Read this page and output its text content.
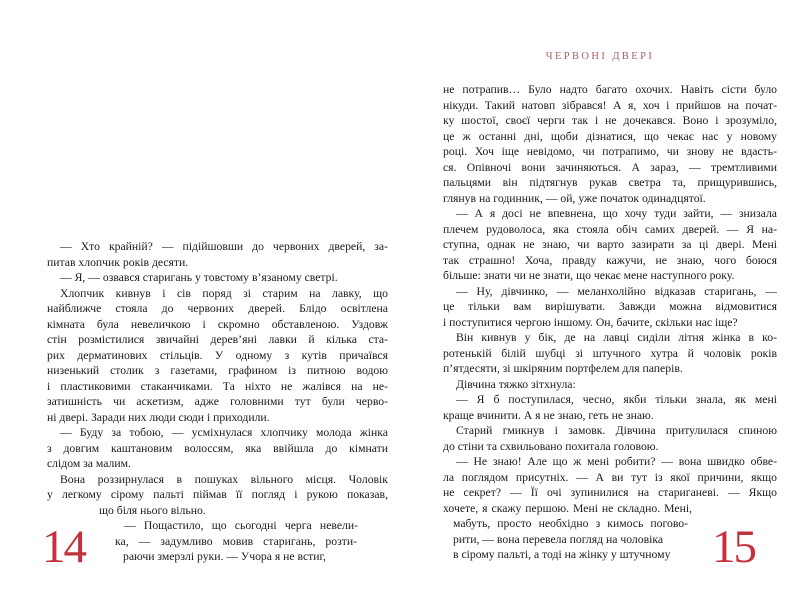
ЧЕРВОНІ ДВЕРІ
— Хто крайній? — підійшовши до червоних дверей, за-
питав хлопчик років десяти.
— Я, — озвався старигань у товстому в’язаному светрі.
Хлопчик кивнув і сів поряд зі старим на лавку, що
найближче стояла до червоних дверей. Блідо освітлена
кімната була невеличкою і скромно обставленою. Уздовж
стін розмістилися звичайні дерев’яні лавки й кілька ста-
рих дерматинових стільців. У одному з кутів причаївся
низенький столик з газетами, графином із питною водою
і пластиковими стаканчиками. Та ніхто не жалівся на не-
затишність чи аскетизм, адже головними тут були черво-
ні двері. Заради них люди сюди і приходили.
— Буду за тобою, — усміхнулася хлопчику молода жінка
з довгим каштановим волоссям, яка ввійшла до кімнати
слідом за малим.
Вона роззирнулася в пошуках вільного місця. Чоловік
у легкому сірому пальті піймав її погляд і рукою показав,
що біля нього вільно.
— Пощастило, що сьогодні черга невели-
ка, — задумливо мовив старигань, розти-
раючи змерзлі руки. — Учора я не встиг,
не потрапив… Було надто багато охочих. Навіть сісти було
нікуди. Такий натовп зібрався! А я, хоч і прийшов на почат-
ку шостої, своєї черги так і не дочекався. Воно і зрозуміло,
це ж останні дні, щоби дізнатися, що чекає нас у новому
році. Хоч іще невідомо, чи потрапимо, чи знову не вдасть-
ся. Опівночі вони зачиняються. А зараз, — тремтливими
пальцями він підтягнув рукав светра та, прищурившись,
глянув на годинник, — ой, уже початок одинадцятої.
— А я досі не впевнена, що хочу туди зайти, — знизала
плечем рудоволоса, яка стояла обіч самих дверей. — Я на-
ступна, однак не знаю, чи варто зазирати за ці двері. Мені
так страшно! Хоча, правду кажучи, не знаю, чого боюся
більше: знати чи не знати, що чекає мене наступного року.
— Ну, дівчинко, — меланхолійно відказав старигань, —
це тільки вам вирішувати. Завжди можна відмовитися
і поступитися чергою іншому. Он, бачите, скільки нас іще?
Він кивнув у бік, де на лавці сиділи літня жінка в ко-
ротенькій білій шубці зі штучного хутра й чоловік років
п’ятдесяти, зі шкіряним портфелем для паперів.
Дівчина тяжко зітхнула:
— Я б поступилася, чесно, якби тільки знала, як мені
краще вчинити. А я не знаю, геть не знаю.
Старий гмикнув і замовк. Дівчина притулилася спиною
до стіни та схвильовано похитала головою.
— Не знаю! Але що ж мені робити? — вона швидко обве-
ла поглядом присутніх. — А ви тут із якої причини, якщо
не секрет? — Її очі зупинилися на стариганеві. — Якщо
хочете, я скажу першою. Мені не складно. Мені,
мабуть, просто необхідно з кимось погово-
рити, — вона перевела погляд на чоловіка
в сірому пальті, а тоді на жінку у штучному
14	15
